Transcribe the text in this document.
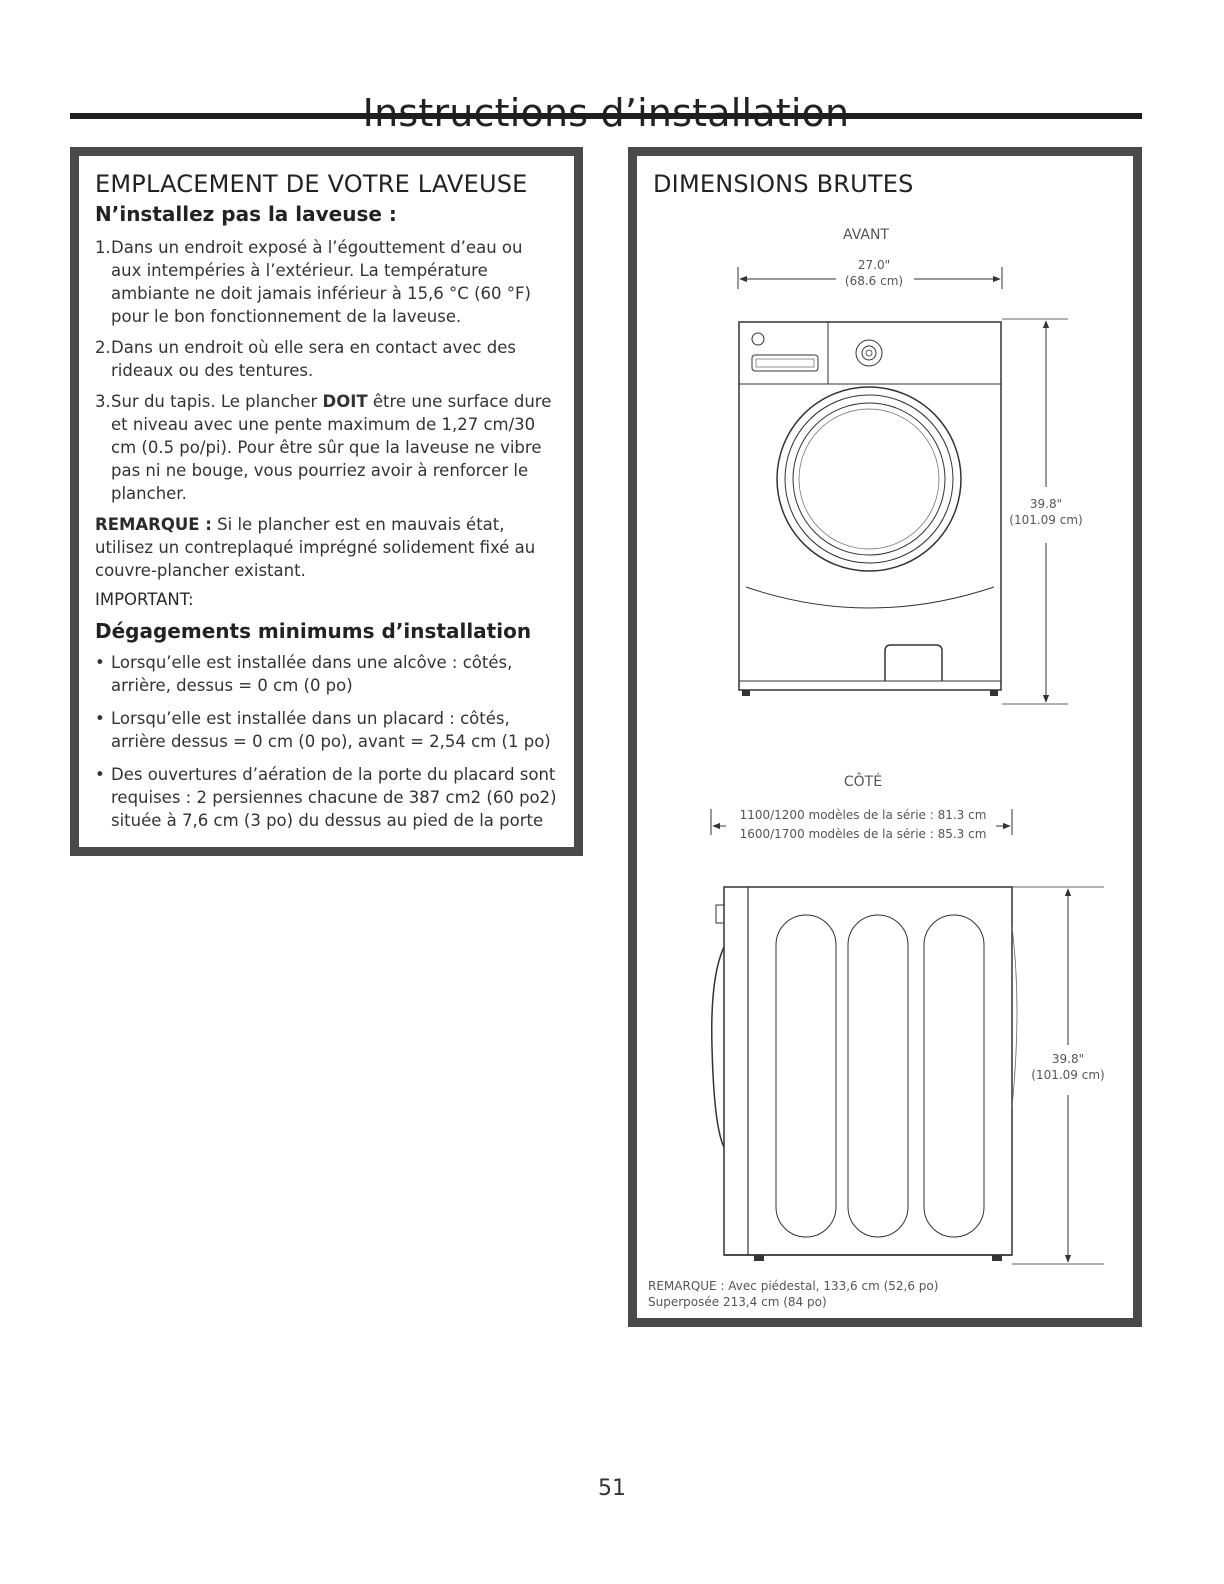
EMPLACEMENT DE VOTRE LAVEUSE
N’installez pas la laveuse :
1. Dans un endroit exposé à l’égouttement d’eau ou aux intempéries à l’extérieur. La température ambiante ne doit jamais inférieur à 15,6 °C (60 °F) pour le bon fonctionnement de la laveuse.
2. Dans un endroit où elle sera en contact avec des rideaux ou des tentures.
3. Sur du tapis. Le plancher DOIT être une surface dure et niveau avec une pente maximum de 1,27 cm/30 cm (0.5 po/pi). Pour être sûr que la laveuse ne vibre pas ni ne bouge, vous pourriez avoir à renforcer le plancher.

REMARQUE : Si le plancher est en mauvais état, utilisez un contreplaqué imprégné solidement fixé au couvre-plancher existant.

IMPORTANT:
Dégagements minimums d’installation
• Lorsqu’elle est installée dans une alcôve : côtés, arrière, dessus = 0 cm (0 po)
• Lorsqu’elle est installée dans un placard : côtés, arrière dessus = 0 cm (0 po), avant = 2,54 cm (1 po)
• Des ouvertures d’aération de la porte du placard sont requises : 2 persiennes chacune de 387 cm2 (60 po2) située à 7,6 cm (3 po) du dessus au pied de la porte
DIMENSIONS BRUTES
AVANT
27.0"
(68.6 cm)
39.8"
(101.09 cm)
CÔTÉ
1100/1200 modèles de la série : 81.3 cm
1600/1700 modèles de la série : 85.3 cm
39.8"
(101.09 cm)
REMARQUE : Avec piédestal, 133,6 cm (52,6 po)
Superposée 213,4 cm (84 po)
51
